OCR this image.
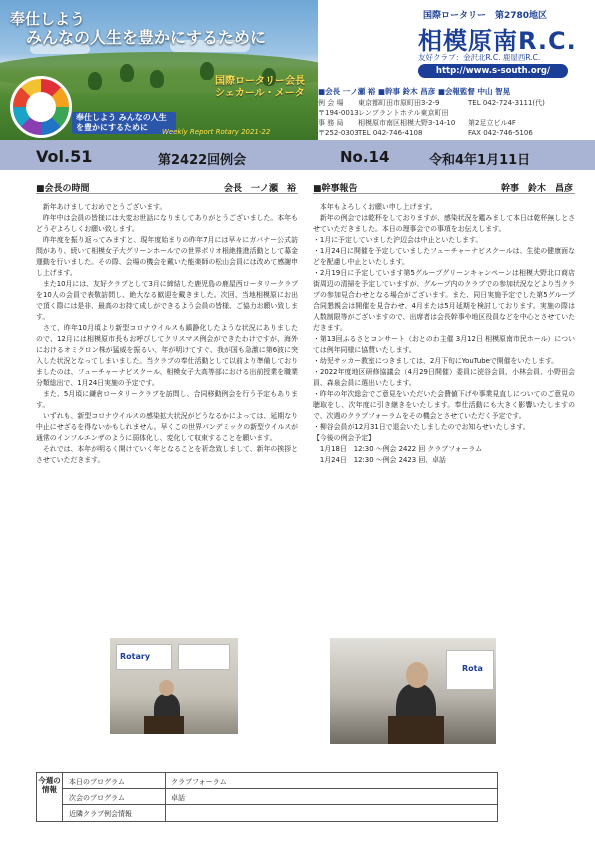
奉仕しよう
みんなの人生を豊かにするために
国際ロータリー会長
シェカール・メータ
奉仕しよう みんなの人生を豊かにするために	Weekly Report Rotary 2021-22
国際ロータリー　第2780地区
相模原南R.C.
友好クラブ：金沢北R.C. 鹿屋西R.C.
http://www.s-south.org/
■会長 一ノ瀬 裕 ■幹事 鈴木 昌彦 ■会報監督 中山 智晃
例 会 場	東京都町田市原町田3-2-9	TEL 042-724-3111(代)
〒194-0013 レンブラントホテル東京町田
事 務 局	相模原市南区相模大野3-14-10	第2足立ビル4F
〒252-0303 TEL 042-746-4108	FAX 042-746-5106
Vol.51	第2422回例会	No.14	令和4年1月11日
■会長の時間	会長　一ノ瀬　裕

　新年あけましておめでとうございます。

　昨年中は会員の皆様には大変お世話になりましてありがとうございました。本年もどうぞよろしくお願い致します。

　昨年度を振り返ってみますと、現年度始まりの昨年7月には早々にガバナー公式訪問があり、続いて相模女子大グリーンホールでの世界ポリオ根絶推進活動として募金運動を行いました。その際、会場の機会を戴いた能楽師の松山会員には改めて感謝申し上げます。

　また10月には、友好クラブとして3月に締結した鹿児島の鹿屋西ロータリークラブを10人の会員で表敬訪問し、絶大なる歓迎を戴きました。次回、当地相模原にお出で頂く際には是非、最高のお持て成しができるよう会員の皆様、ご協力お願い致します。

　さて、昨年10月頃より新型コロナウイルスも鎮静化したような状況にありましたので、12月には相模原市長もお呼びしてクリスマス例会ができたわけですが、海外におけるオミクロン株が猛威を振るい、年が明けてすぐ、我が国も急激に第6波に突入した状況となってしまいました。当クラブの奉仕活動として以前より準備しておりましたのは、フューチャーナビスクール、相模女子大高等部における出前授業を職業分類総出で、1月24日実施の予定です。

　また、5月頃に鎌倉ロータリークラブを訪問し、合同移動例会を行う予定もあります。

　いずれも、新型コロナウイルスの感染拡大状況がどうなるかによっては、延期なり中止にせざるを得ないかもしれません。早くこの世界パンデミックの新型ウイルスが通常のインフルエンザのように弱体化し、変化して収束することを願います。

　それでは、本年が明るく開けていく年となることを祈念致しまして、新年の挨拶とさせていただきます。

■幹事報告	幹事　鈴木　昌彦

　本年もよろしくお願い申し上げます。

　新年の例会では乾杯をしておりますが、感染状況を鑑みまして本日は乾杯無しとさせていただきました。本日の理事会での事項をお伝えします。

・1月に予定していました沪辺会は中止といたします。

・1月24日に開催を予定していましたフューチャーナビスクールは、生徒の健康面などを配慮し中止といたします。

・2月19日に予定しています第5グループグリーンキャンペーンは相模大野北口商店街周辺の清掃を予定していますが、グループ内のクラブでの参加状況などより当クラブの参加見合わせとなる場合がございます。また、同日実施予定でした第5グループ合同懇親会は開催を見合わせ、4月または5月延期を検討しております。実施の際は人数制限等がございますので、出席者は会長幹事や地区役員などを中心とさせていただきます。

・第13回ふるさとコンサート（おとのわ主催 3月12日 相模原南市民ホール）については例年同様に協賛いたします。

・幼児サッカー教室につきましては、2月下旬にYouTubeで開催をいたします。

・2022年度地区研修協議会（4月29日開催）委員に涜谷会員、小林会員、小野田会員、森泉会員に選出いたします。

・昨年の年次総会でご意見をいただいた会費値下げや事業見直しについてのご意見の聴取をし、次年度に引き継きをいたします。奉仕活動にも大きく影響いたしますので、次週のクラブフォーラムをその機会とさせていただく予定です。

・柳谷会員が12月31日で退会いたしましたのでお知らせいたします。

【今後の例会予定】

　1月18日　12:30 ～例会 2422 回 クラブフォーラム

　1月24日　12:30 ～例会 2423 回、卓話

Rotary
Rota
今週の情報
本日のプログラム	クラブフォーラム
次会のプログラム	卓話
近隣クラブ例会情報
